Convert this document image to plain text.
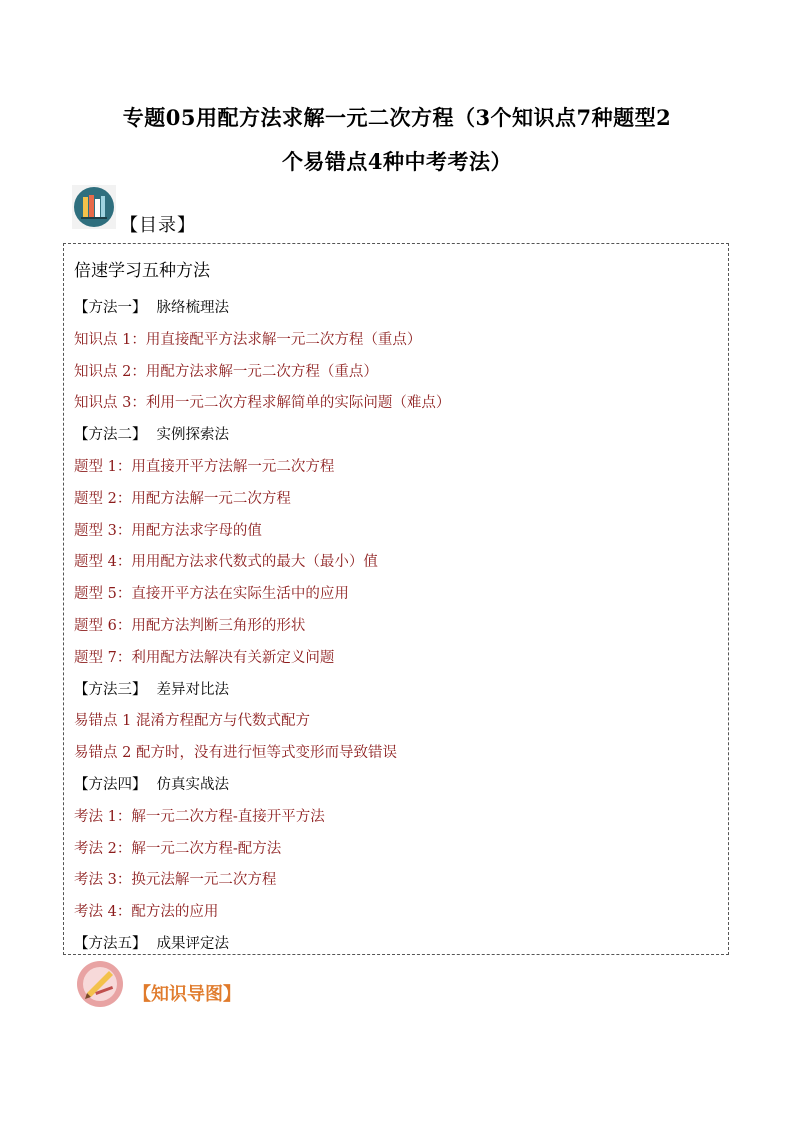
专题05用配方法求解一元二次方程（3个知识点7种题型2
个易错点4种中考考法）
【目录】
倍速学习五种方法
【方法一】 脉络梳理法
知识点 1：用直接配平方法求解一元二次方程（重点）
知识点 2：用配方法求解一元二次方程（重点）
知识点 3：利用一元二次方程求解简单的实际问题（难点）
【方法二】 实例探索法
题型 1：用直接开平方法解一元二次方程
题型 2：用配方法解一元二次方程
题型 3：用配方法求字母的值
题型 4：用用配方法求代数式的最大（最小）值
题型 5：直接开平方法在实际生活中的应用
题型 6：用配方法判断三角形的形状
题型 7：利用配方法解决有关新定义问题
【方法三】 差异对比法
易错点 1 混淆方程配方与代数式配方
易错点 2 配方时，没有进行恒等式变形而导致错误
【方法四】 仿真实战法
考法 1：解一元二次方程-直接开平方法
考法 2：解一元二次方程-配方法
考法 3：换元法解一元二次方程
考法 4：配方法的应用
【方法五】 成果评定法
【知识导图】
